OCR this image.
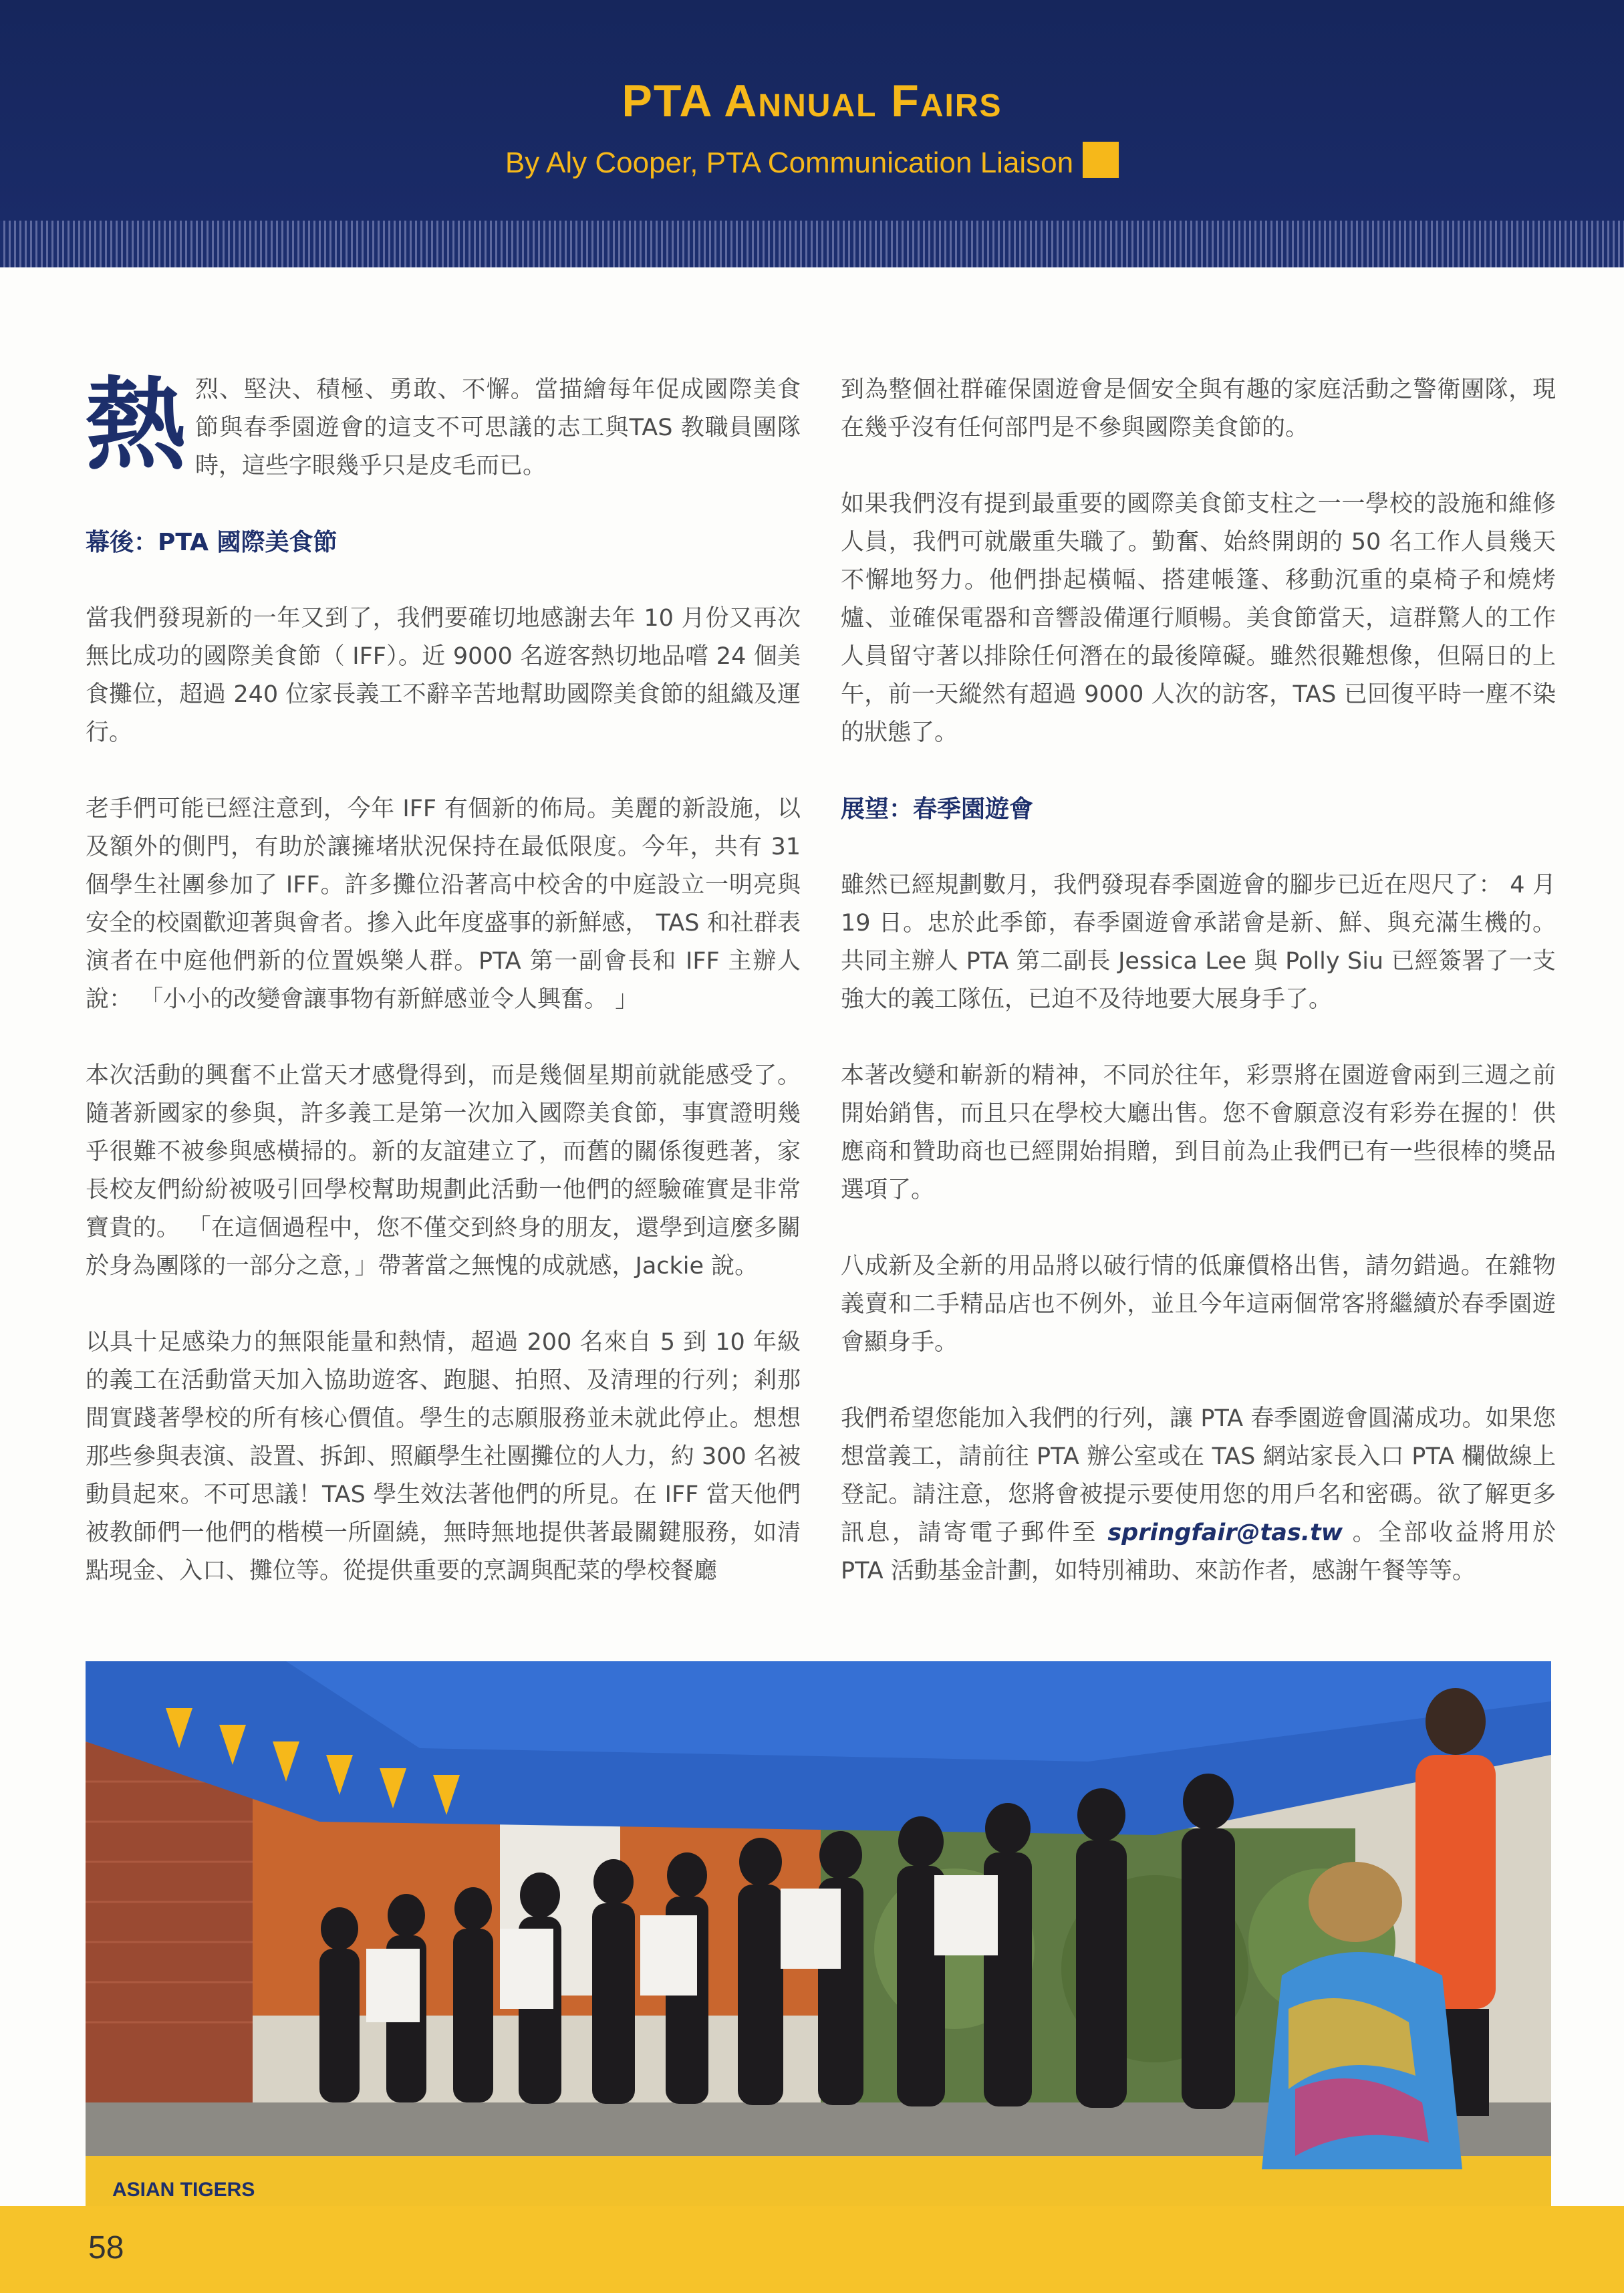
PTA Annual Fairs
By Aly Cooper, PTA Communication Liaison

熱烈、堅決、積極、勇敢、不懈。當描繪每年促成國際美食節與春季園遊會的這支不可思議的志工與TAS 教職員團隊時，這些字眼幾乎只是皮毛而已。

幕後：PTA 國際美食節

當我們發現新的一年又到了，我們要確切地感謝去年 10 月份又再次無比成功的國際美食節（ IFF）。近 9000 名遊客熱切地品嚐 24 個美食攤位，超過 240 位家長義工不辭辛苦地幫助國際美食節的組織及運行。

老手們可能已經注意到，今年 IFF 有個新的佈局。美麗的新設施，以及額外的側門，有助於讓擁堵狀況保持在最低限度。今年，共有 31 個學生社團參加了 IFF。許多攤位沿著高中校舍的中庭設立一明亮與安全的校園歡迎著與會者。摻入此年度盛事的新鮮感， TAS 和社群表演者在中庭他們新的位置娛樂人群。PTA 第一副會長和 IFF 主辦人說： 「小小的改變會讓事物有新鮮感並令人興奮。 」

本次活動的興奮不止當天才感覺得到，而是幾個星期前就能感受了。隨著新國家的參與，許多義工是第一次加入國際美食節，事實證明幾乎很難不被參與感橫掃的。新的友誼建立了，而舊的關係復甦著，家長校友們紛紛被吸引回學校幫助規劃此活動一他們的經驗確實是非常寶貴的。 「在這個過程中，您不僅交到終身的朋友，還學到這麼多關於身為團隊的一部分之意，」帶著當之無愧的成就感，Jackie 說。

以具十足感染力的無限能量和熱情，超過 200 名來自 5 到 10 年級的義工在活動當天加入協助遊客、跑腿、拍照、及清理的行列；剎那間實踐著學校的所有核心價值。學生的志願服務並未就此停止。想想那些參與表演、設置、拆卸、照顧學生社團攤位的人力，約 300 名被動員起來。不可思議！TAS 學生效法著他們的所見。在 IFF 當天他們被教師們一他們的楷模一所圍繞，無時無地提供著最關鍵服務，如清點現金、入口、攤位等。從提供重要的烹調與配菜的學校餐廳

到為整個社群確保園遊會是個安全與有趣的家庭活動之警衛團隊，現在幾乎沒有任何部門是不參與國際美食節的。

如果我們沒有提到最重要的國際美食節支柱之一一學校的設施和維修人員，我們可就嚴重失職了。勤奮、始終開朗的 50 名工作人員幾天不懈地努力。他們掛起橫幅、搭建帳篷、移動沉重的桌椅子和燒烤爐、並確保電器和音響設備運行順暢。美食節當天，這群驚人的工作人員留守著以排除任何潛在的最後障礙。雖然很難想像，但隔日的上午，前一天縱然有超過 9000 人次的訪客，TAS 已回復平時一塵不染的狀態了。

展望：春季園遊會

雖然已經規劃數月，我們發現春季園遊會的腳步已近在咫尺了： 4 月 19 日。忠於此季節，春季園遊會承諾會是新、鮮、與充滿生機的。共同主辦人 PTA 第二副長 Jessica Lee 與 Polly Siu 已經簽署了一支強大的義工隊伍，已迫不及待地要大展身手了。

本著改變和嶄新的精神，不同於往年，彩票將在園遊會兩到三週之前開始銷售，而且只在學校大廳出售。您不會願意沒有彩券在握的！供應商和贊助商也已經開始捐贈，到目前為止我們已有一些很棒的獎品選項了。

八成新及全新的用品將以破行情的低廉價格出售，請勿錯過。在雜物義賣和二手精品店也不例外，並且今年這兩個常客將繼續於春季園遊會顯身手。

我們希望您能加入我們的行列，讓 PTA 春季園遊會圓滿成功。如果您想當義工，請前往 PTA 辦公室或在 TAS 網站家長入口 PTA 欄做線上登記。請注意，您將會被提示要使用您的用戶名和密碼。欲了解更多訊息，請寄電子郵件至 springfair@tas.tw 。全部收益將用於 PTA 活動基金計劃，如特別補助、來訪作者，感謝午餐等等。

ASIAN TIGERS
58
